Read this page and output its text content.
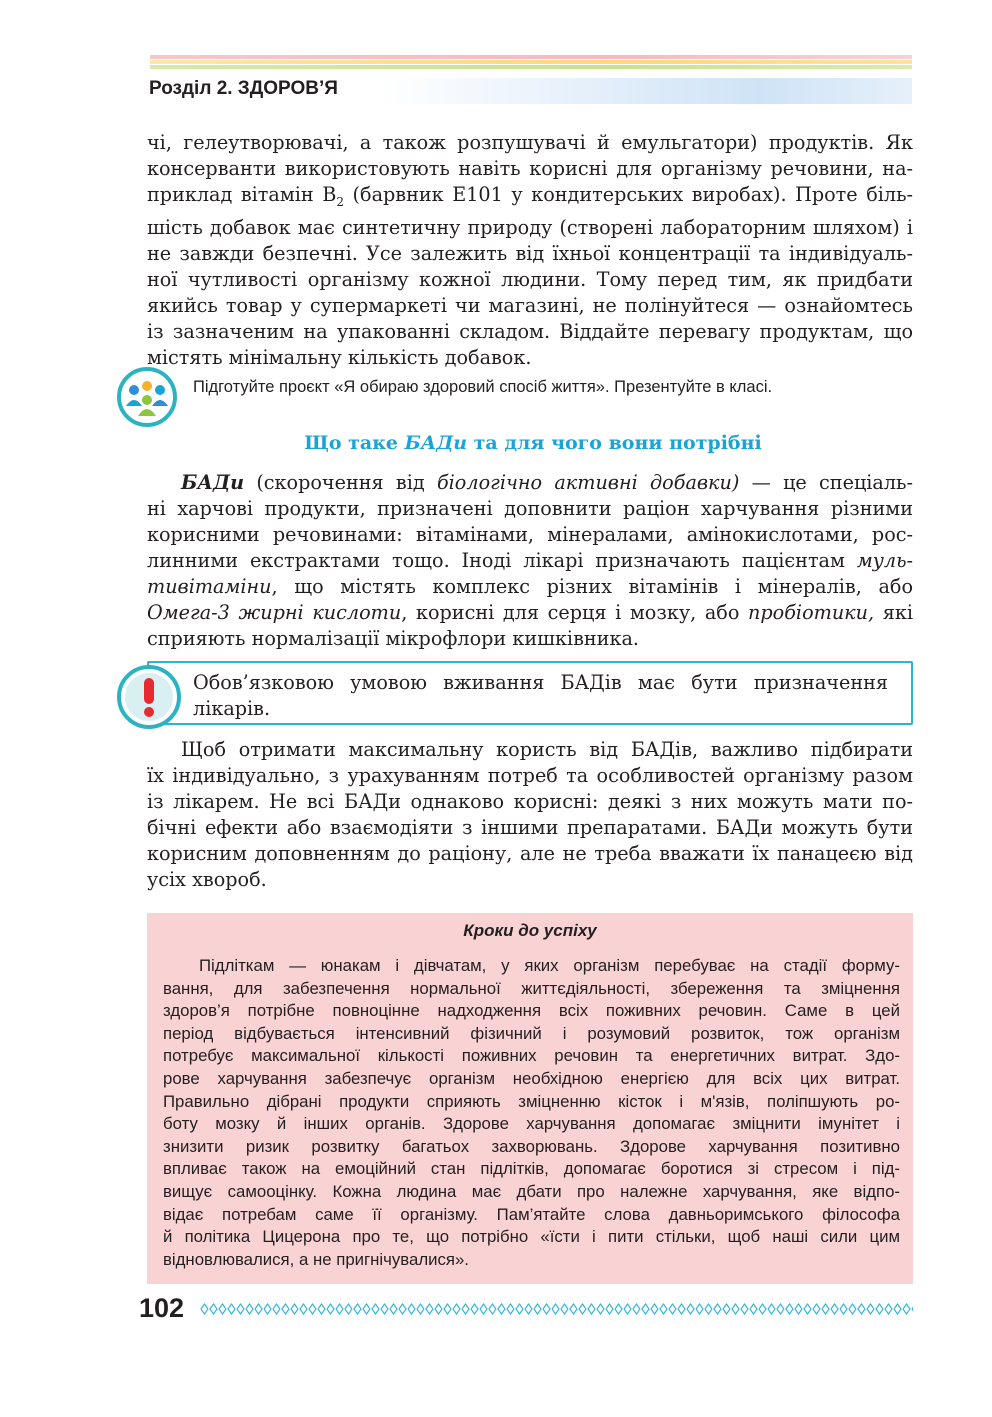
Розділ 2. ЗДОРОВ’Я
чі, гелеутворювачі, а також розпушувачі й емульгатори) продуктів. Як
консерванти використовують навіть корисні для організму речовини, на-
приклад вітамін $B_2$ (барвник E101 у кондитерських виробах). Проте біль-
шість добавок має синтетичну природу (створені лабораторним шляхом) і
не завжди безпечні. Усе залежить від їхньої концентрації та індивідуаль-
ної чутливості організму кожної людини. Тому перед тим, як придбати
якийсь товар у супермаркеті чи магазині, не полінуйтеся — ознайомтесь
із зазначеним на упакованні складом. Віддайте перевагу продуктам, що
містять мінімальну кількість добавок.
Підготуйте проєкт «Я обираю здоровий спосіб життя». Презентуйте в класі.
Що таке БАДи та для чого вони потрібні
БАДи (скорочення від біологічно активні добавки) — це спеціаль-
ні харчові продукти, призначені доповнити раціон харчування різними
корисними речовинами: вітамінами, мінералами, амінокислотами, рос-
линними екстрактами тощо. Іноді лікарі призначають пацієнтам муль-
тивітаміни, що містять комплекс різних вітамінів і мінералів, або
Омега-3 жирні кислоти, корисні для серця і мозку, або пробіотики, які
сприяють нормалізації мікрофлори кишківника.
Обов’язковою умовою вживання БАДів має бути призначення
лікарів.
Щоб отримати максимальну користь від БАДів, важливо підбирати
їх індивідуально, з урахуванням потреб та особливостей організму разом
із лікарем. Не всі БАДи однаково корисні: деякі з них можуть мати по-
бічні ефекти або взаємодіяти з іншими препаратами. БАДи можуть бути
корисним доповненням до раціону, але не треба вважати їх панацеєю від
усіх хвороб.
Кроки до успіху
Підліткам — юнакам і дівчатам, у яких організм перебуває на стадії форму-
вання, для забезпечення нормальної життєдіяльності, збереження та зміцнення
здоров’я потрібне повноцінне надходження всіх поживних речовин. Саме в цей
період відбувається інтенсивний фізичний і розумовий розвиток, тож організм
потребує максимальної кількості поживних речовин та енергетичних витрат. Здо-
рове харчування забезпечує організм необхідною енергією для всіх цих витрат.
Правильно дібрані продукти сприяють зміцненню кісток і м'язів, поліпшують ро-
боту мозку й інших органів. Здорове харчування допомагає зміцнити імунітет і
знизити ризик розвитку багатьох захворювань. Здорове харчування позитивно
впливає також на емоційний стан підлітків, допомагає боротися зі стресом і під-
вищує самооцінку. Кожна людина має дбати про належне харчування, яке відпо-
відає потребам саме її організму. Пам’ятайте слова давньоримського філософа
й політика Цицерона про те, що потрібно «їсти і пити стільки, щоб наші сили цим
відновлювалися, а не пригнічувалися».
102
